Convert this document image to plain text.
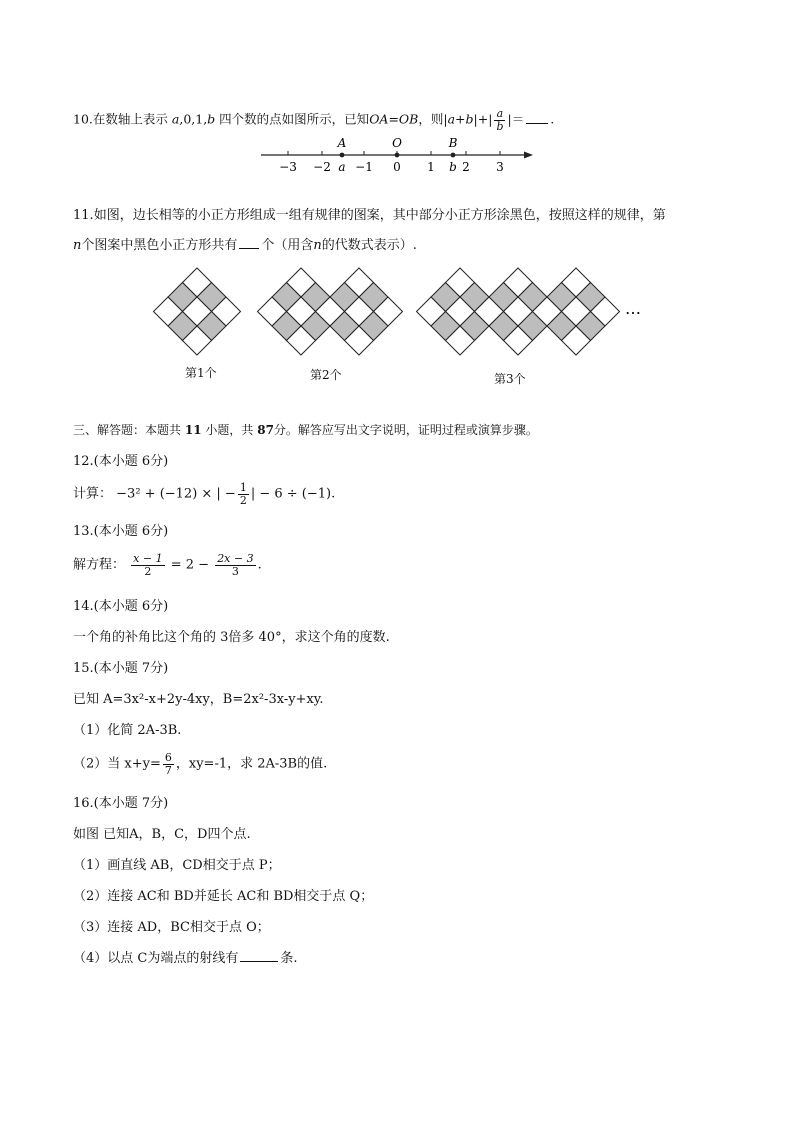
10.在数轴上表示 a,0,1,b 四个数的点如图所示，已知OA=OB，则$|a+b|+| \frac{a}{b}$ |＝ .
−3 −2 −1 0 1 2 3
A	O	B
a	b
11.如图，边长相等的小正方形组成一组有规律的图案，其中部分小正方形涂黑色，按照这样的规律，第
n个图案中黑色小正方形共有 个（用含n的代数式表示）.
…
第1个	第2个	第3个
三、解答题：本题共 11 小题，共 87分。解答应写出文字说明，证明过程或演算步骤。
12.(本小题 6分)
计算： −3² + (−12) × | − $\frac{1}{2}$ | − 6 ÷ (−1).
13.(本小题 6分)
解方程： $\frac{x - 1}{2} = 2 - \frac{2x - 3}{3}$ .
14.(本小题 6分)
一个角的补角比这个角的 3倍多 40°，求这个角的度数.
15.(本小题 7分)
已知 A=3x²-x+2y-4xy，B=2x²-3x-y+xy.
（1）化简 2A-3B.
（2）当 $x+y= \frac{6}{7}$ ，xy=-1，求 2A-3B的值.
16.(本小题 7分)
如图 已知A，B，C，D四个点.
（1）画直线 AB，CD相交于点 P；
（2）连接 AC和 BD并延长 AC和 BD相交于点 Q；
（3）连接 AD，BC相交于点 O；
（4）以点 C为端点的射线有	条.
